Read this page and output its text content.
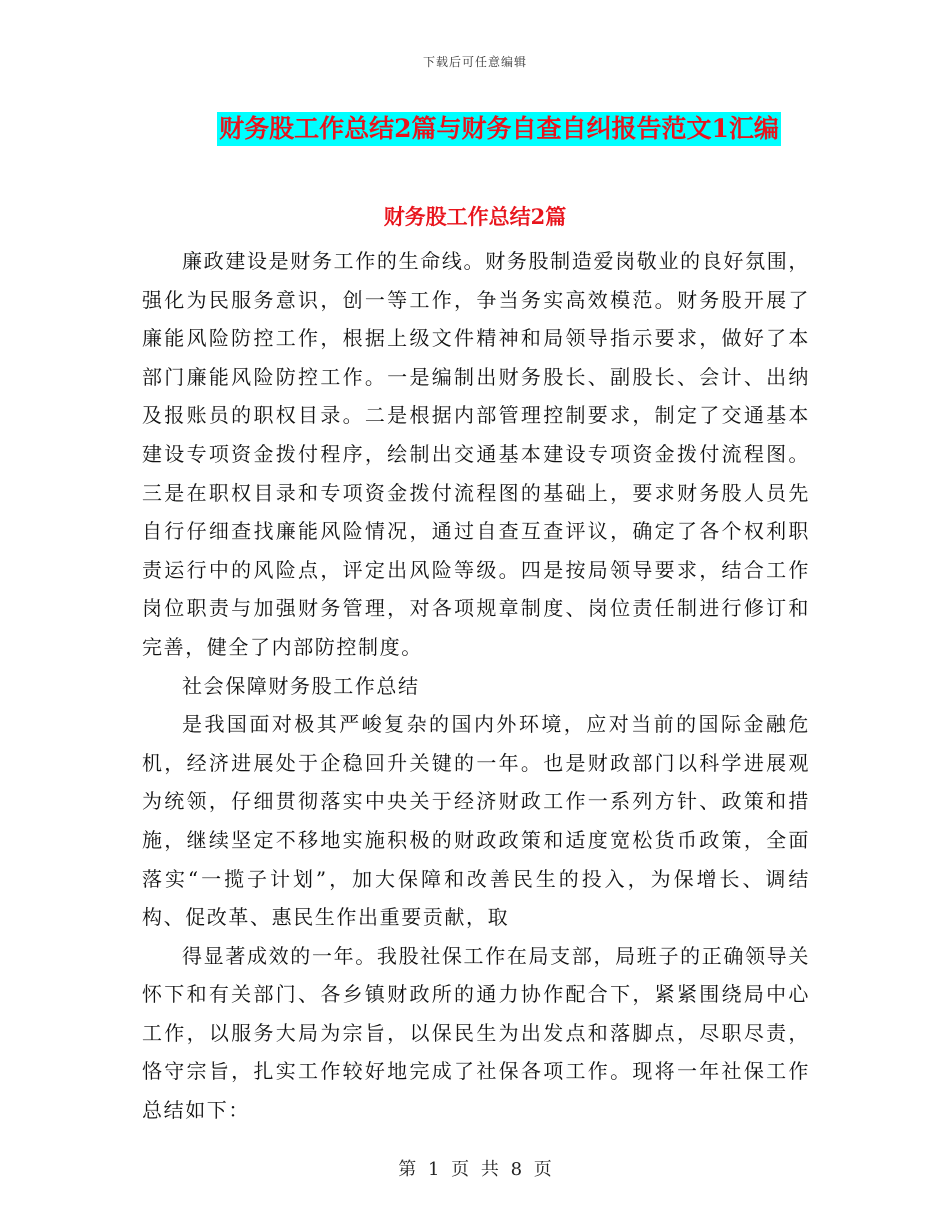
下载后可任意编辑
财务股工作总结2篇与财务自查自纠报告范文1汇编
财务股工作总结2篇

廉政建设是财务工作的生命线。财务股制造爱岗敬业的良好氛围，强化为民服务意识，创一等工作，争当务实高效模范。财务股开展了廉能风险防控工作，根据上级文件精神和局领导指示要求，做好了本部门廉能风险防控工作。一是编制出财务股长、副股长、会计、出纳及报账员的职权目录。二是根据内部管理控制要求，制定了交通基本建设专项资金拨付程序，绘制出交通基本建设专项资金拨付流程图。三是在职权目录和专项资金拨付流程图的基础上，要求财务股人员先自行仔细查找廉能风险情况，通过自查互查评议，确定了各个权利职责运行中的风险点，评定出风险等级。四是按局领导要求，结合工作岗位职责与加强财务管理，对各项规章制度、岗位责任制进行修订和完善，健全了内部防控制度。

社会保障财务股工作总结

是我国面对极其严峻复杂的国内外环境，应对当前的国际金融危机，经济进展处于企稳回升关键的一年。也是财政部门以科学进展观为统领，仔细贯彻落实中央关于经济财政工作一系列方针、政策和措施，继续坚定不移地实施积极的财政政策和适度宽松货币政策，全面落实“一揽子计划”，加大保障和改善民生的投入，为保增长、调结构、促改革、惠民生作出重要贡献，取

得显著成效的一年。我股社保工作在局支部，局班子的正确领导关怀下和有关部门、各乡镇财政所的通力协作配合下，紧紧围绕局中心工作，以服务大局为宗旨，以保民生为出发点和落脚点，尽职尽责，恪守宗旨，扎实工作较好地完成了社保各项工作。现将一年社保工作总结如下：

第 1 页 共 8 页
